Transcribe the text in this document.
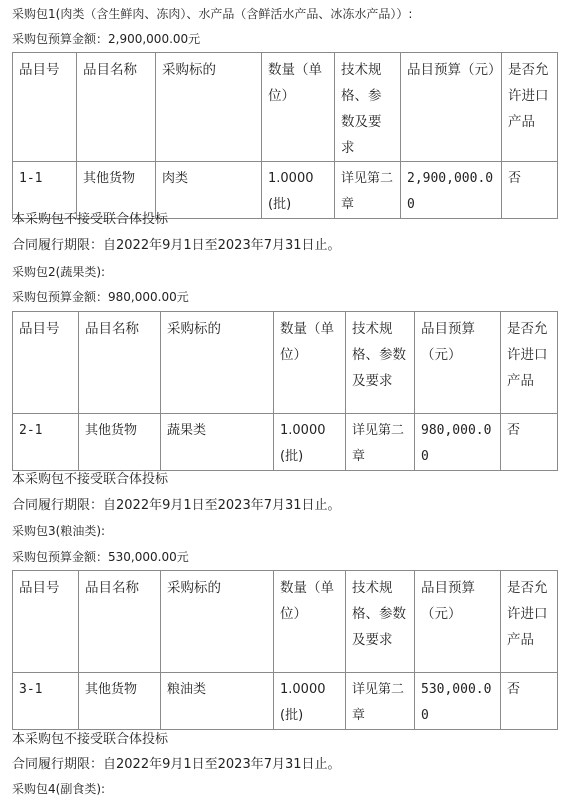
采购包1(肉类（含生鲜肉、冻肉）、水产品（含鲜活水产品、冰冻水产品））:
采购包预算金额：2,900,000.00元
品目号	品目名称	采购标的	数量（单位）	技术规格、参数及要求	品目预算（元）	是否允许进口产品
1-1	其他货物	肉类	1.0000(批)	详见第二章	2,900,000.00	否
本采购包不接受联合体投标
合同履行期限：自2022年9月1日至2023年7月31日止。
采购包2(蔬果类):
采购包预算金额：980,000.00元
品目号	品目名称	采购标的	数量（单位）	技术规格、参数及要求	品目预算（元）	是否允许进口产品
2-1	其他货物	蔬果类	1.0000(批)	详见第二章	980,000.00	否
本采购包不接受联合体投标
合同履行期限：自2022年9月1日至2023年7月31日止。
采购包3(粮油类):
采购包预算金额：530,000.00元
品目号	品目名称	采购标的	数量（单位）	技术规格、参数及要求	品目预算（元）	是否允许进口产品
3-1	其他货物	粮油类	1.0000(批)	详见第二章	530,000.00	否
本采购包不接受联合体投标
合同履行期限：自2022年9月1日至2023年7月31日止。
采购包4(副食类):
